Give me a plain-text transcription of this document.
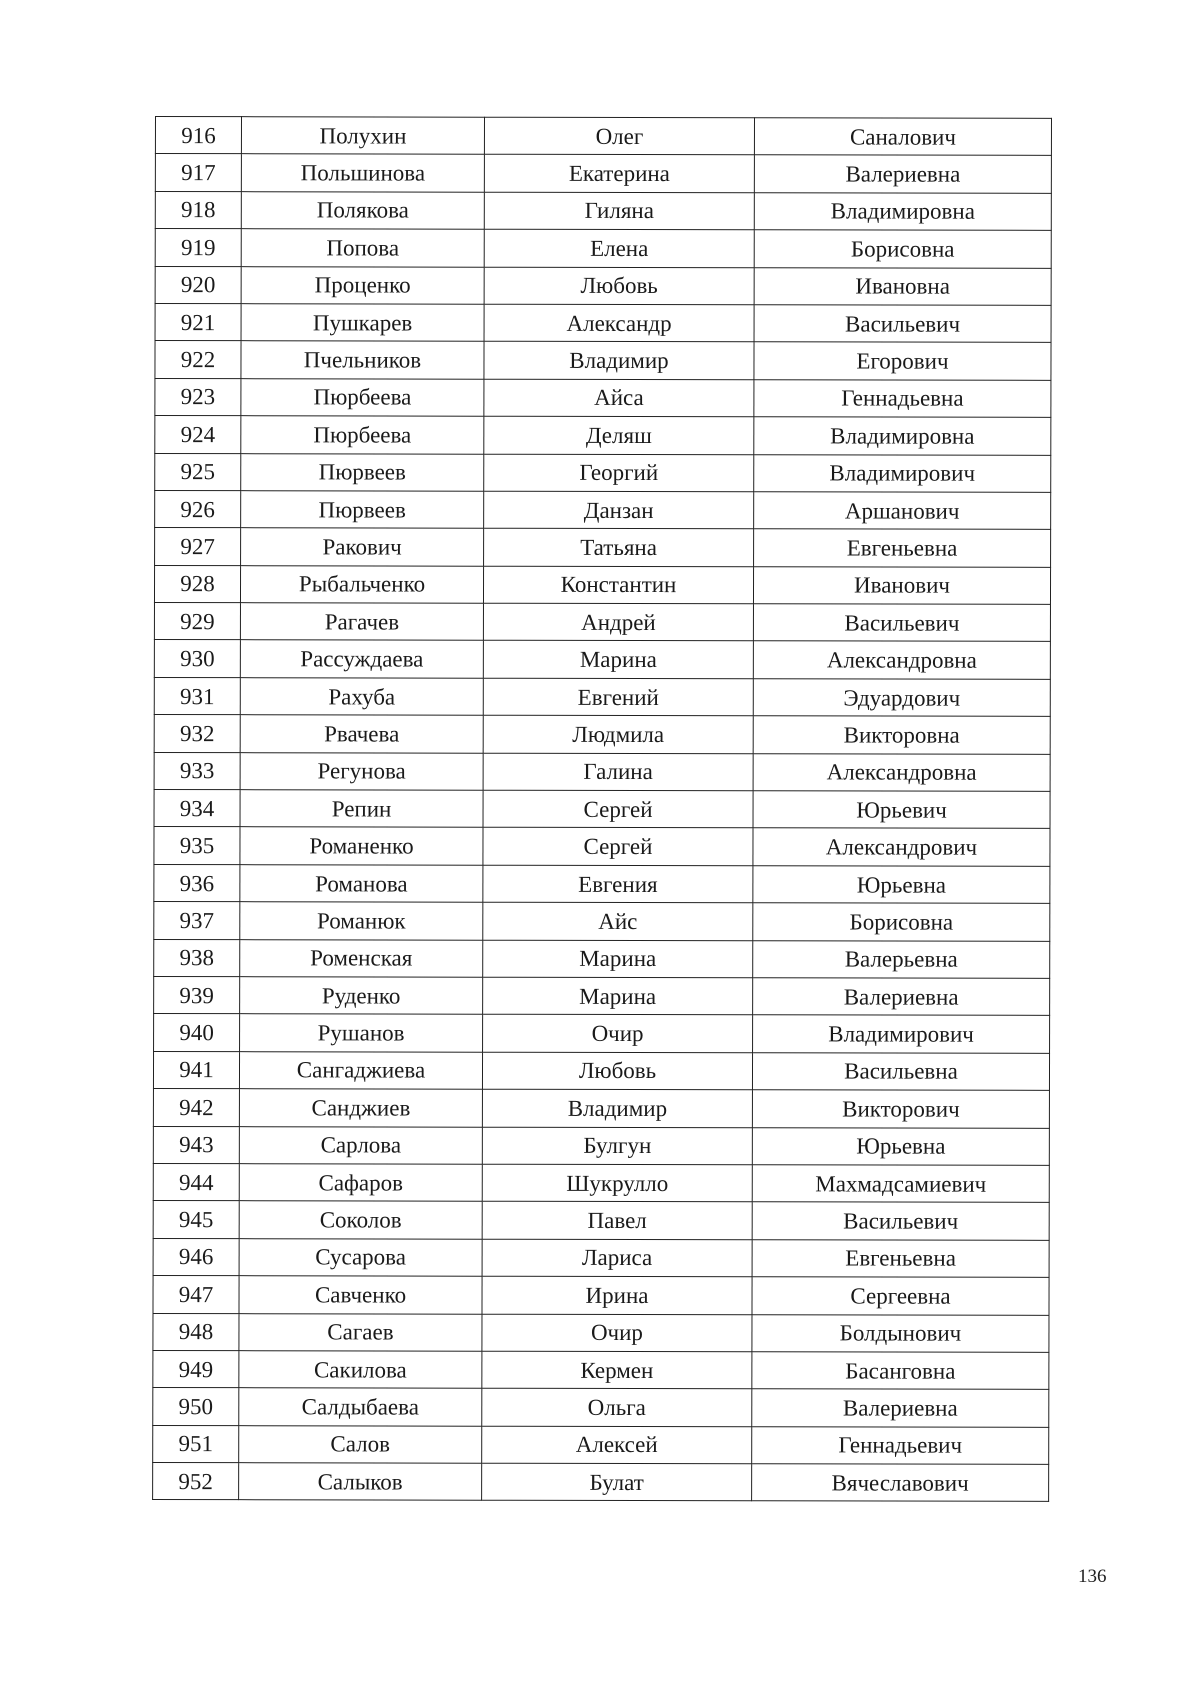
916	Полухин	Олег	Саналович
917	Польшинова	Екатерина	Валериевна
918	Полякова	Гиляна	Владимировна
919	Попова	Елена	Борисовна
920	Проценко	Любовь	Ивановна
921	Пушкарев	Александр	Васильевич
922	Пчельников	Владимир	Егорович
923	Пюрбеева	Айса	Геннадьевна
924	Пюрбеева	Деляш	Владимировна
925	Пюрвеев	Георгий	Владимирович
926	Пюрвеев	Данзан	Аршанович
927	Ракович	Татьяна	Евгеньевна
928	Рыбальченко	Константин	Иванович
929	Рагачев	Андрей	Васильевич
930	Рассуждаева	Марина	Александровна
931	Рахуба	Евгений	Эдуардович
932	Рвачева	Людмила	Викторовна
933	Регунова	Галина	Александровна
934	Репин	Сергей	Юрьевич
935	Романенко	Сергей	Александрович
936	Романова	Евгения	Юрьевна
937	Романюк	Айс	Борисовна
938	Роменская	Марина	Валерьевна
939	Руденко	Марина	Валериевна
940	Рушанов	Очир	Владимирович
941	Сангаджиева	Любовь	Васильевна
942	Санджиев	Владимир	Викторович
943	Сарлова	Булгун	Юрьевна
944	Сафаров	Шукрулло	Махмадсамиевич
945	Соколов	Павел	Васильевич
946	Сусарова	Лариса	Евгеньевна
947	Савченко	Ирина	Сергеевна
948	Сагаев	Очир	Болдынович
949	Сакилова	Кермен	Басанговна
950	Салдыбаева	Ольга	Валериевна
951	Салов	Алексей	Геннадьевич
952	Салыков	Булат	Вячеславович
136
